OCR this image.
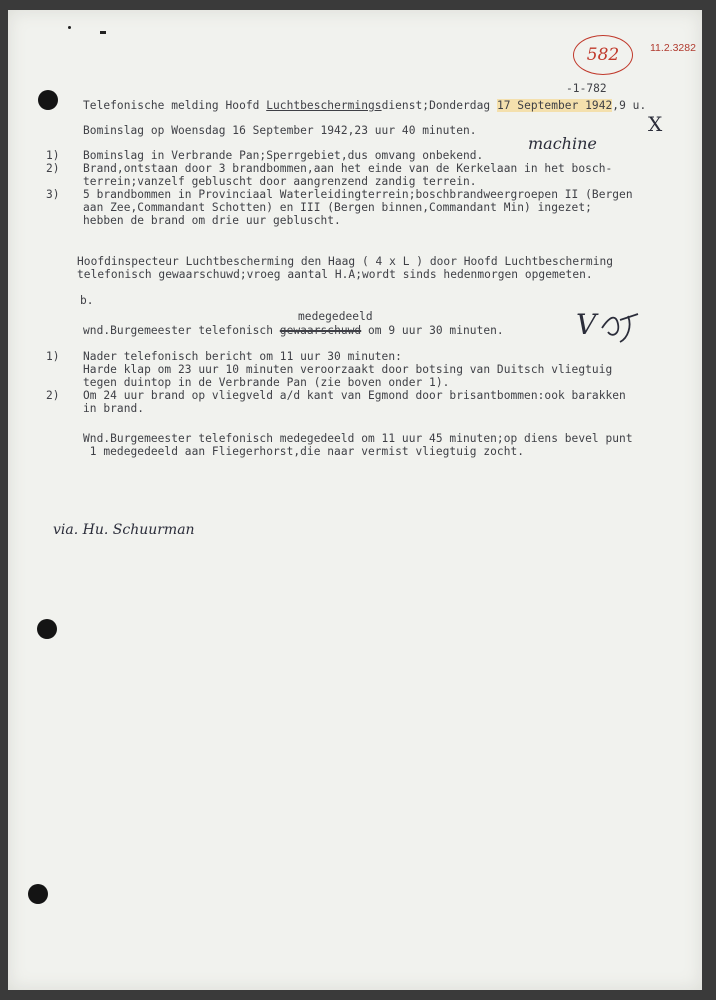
582	11.2.3282
-1-782
Telefonische melding Hoofd Luchtbeschermingsdienst;Donderdag 17 September 1942,9 u.
X
Bominslag op Woensdag 16 September 1942,23 uur 40 minuten.
machine
1) Bominslag in Verbrande Pan;Sperrgebiet,dus omvang onbekend.
2) Brand,ontstaan door 3 brandbommen,aan het einde van de Kerkelaan in het bosch-
terrein;vanzelf gebluscht door aangrenzend zandig terrein.
3) 5 brandbommen in Provinciaal Waterleidingterrein;boschbrandweergroepen II (Bergen
aan Zee,Commandant Schotten) en III (Bergen binnen,Commandant Min) ingezet;
hebben de brand om drie uur gebluscht.
Hoofdinspecteur Luchtbescherming den Haag ( 4 x L ) door Hoofd Luchtbescherming
telefonisch gewaarschuwd;vroeg aantal H.A;wordt sinds hedenmorgen opgemeten.
b.
medegedeeld
wnd.Burgemeester telefonisch gewaarschuwd om 9 uur 30 minuten.	V
1) Nader telefonisch bericht om 11 uur 30 minuten:
Harde klap om 23 uur 10 minuten veroorzaakt door botsing van Duitsch vliegtuig
tegen duintop in de Verbrande Pan (zie boven onder 1).
2) Om 24 uur brand op vliegveld a/d kant van Egmond door brisantbommen:ook barakken
in brand.
Wnd.Burgemeester telefonisch medegedeeld om 11 uur 45 minuten;op diens bevel punt
1 medegedeeld aan Fliegerhorst,die naar vermist vliegtuig zocht.
via. Hu. Schuurman
